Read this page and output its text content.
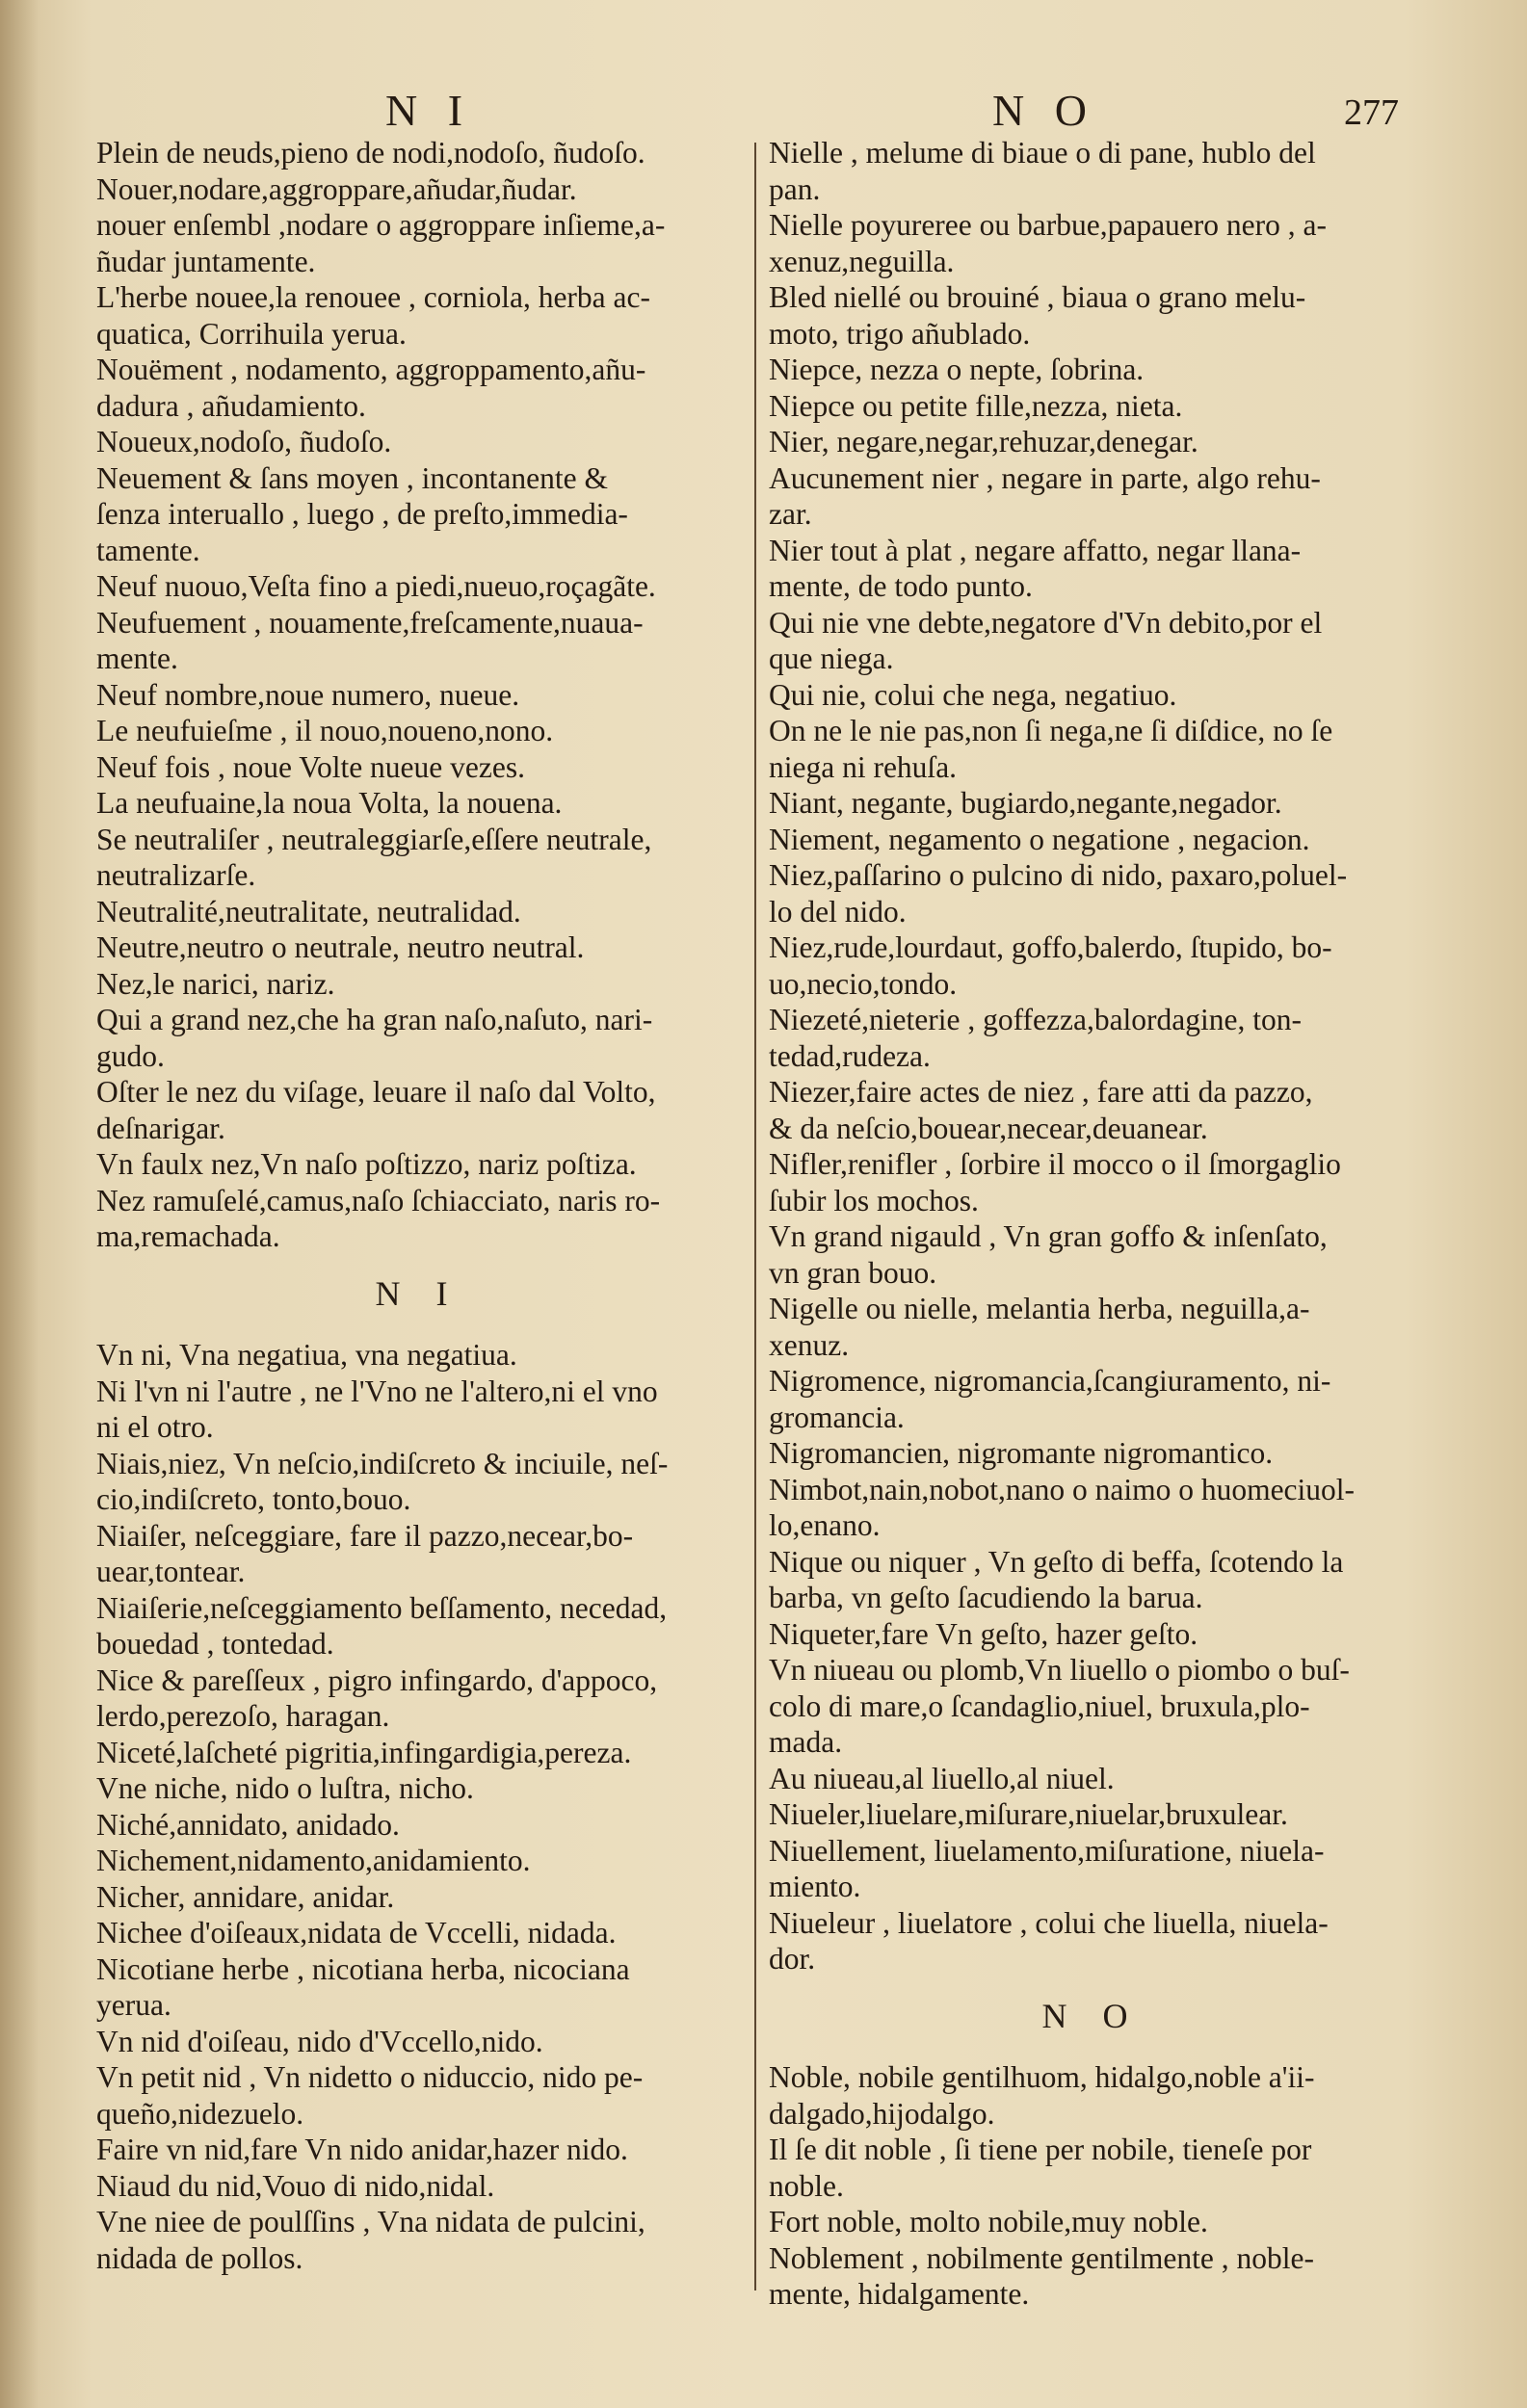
N I	N O	277
Plein de neuds,pieno de nodi,nodoſo, ñudoſo.
Nouer,nodare,aggroppare,añudar,ñudar.
nouer enſembl ,nodare o aggroppare inſieme,a-
ñudar juntamente.
L'herbe nouee,la renouee , corniola, herba ac-
quatica, Corrihuila yerua.
Nouëment , nodamento, aggroppamento,añu-
dadura , añudamiento.
Noueux,nodoſo, ñudoſo.
Neuement & ſans moyen , incontanente &
ſenza interuallo , luego , de preſto,immedia-
tamente.
Neuf nuouo,Veſta fino a piedi,nueuo,roçagãte.
Neufuement , nouamente,freſcamente,nuaua-
mente.
Neuf nombre,noue numero, nueue.
Le neufuieſme , il nouo,noueno,nono.
Neuf fois , noue Volte nueue vezes.
La neufuaine,la noua Volta, la nouena.
Se neutraliſer , neutraleggiarſe,eſſere neutrale,
neutralizarſe.
Neutralité,neutralitate, neutralidad.
Neutre,neutro o neutrale, neutro neutral.
Nez,le narici, nariz.
Qui a grand nez,che ha gran naſo,naſuto, nari-
gudo.
Oſter le nez du viſage, leuare il naſo dal Volto,
deſnarigar.
Vn faulx nez,Vn naſo poſtizzo, nariz poſtiza.
Nez ramuſelé,camus,naſo ſchiacciato, naris ro-
ma,remachada.
N I
Vn ni, Vna negatiua, vna negatiua.
Ni l'vn ni l'autre , ne l'Vno ne l'altero,ni el vno
ni el otro.
Niais,niez, Vn neſcio,indiſcreto & inciuile, neſ-
cio,indiſcreto, tonto,bouo.
Niaiſer, neſceggiare, fare il pazzo,necear,bo-
uear,tontear.
Niaiſerie,neſceggiamento beſſamento, necedad,
bouedad , tontedad.
Nice & pareſſeux , pigro infingardo, d'appoco,
lerdo,perezoſo, haragan.
Niceté,laſcheté pigritia,infingardigia,pereza.
Vne niche, nido o luſtra, nicho.
Niché,annidato, anidado.
Nichement,nidamento,anidamiento.
Nicher, annidare, anidar.
Nichee d'oiſeaux,nidata de Vccelli, nidada.
Nicotiane herbe , nicotiana herba, nicociana
yerua.
Vn nid d'oiſeau, nido d'Vccello,nido.
Vn petit nid , Vn nidetto o niduccio, nido pe-
queño,nidezuelo.
Faire vn nid,fare Vn nido anidar,hazer nido.
Niaud du nid,Vouo di nido,nidal.
Vne niee de poulſſins , Vna nidata de pulcini,
nidada de pollos.
Nielle , melume di biaue o di pane, hublo del
pan.
Nielle poyureree ou barbue,papauero nero , a-
xenuz,neguilla.
Bled niellé ou brouiné , biaua o grano melu-
moto, trigo añublado.
Niepce, nezza o nepte, ſobrina.
Niepce ou petite fille,nezza, nieta.
Nier, negare,negar,rehuzar,denegar.
Aucunement nier , negare in parte, algo rehu-
zar.
Nier tout à plat , negare affatto, negar llana-
mente, de todo punto.
Qui nie vne debte,negatore d'Vn debito,por el
que niega.
Qui nie, colui che nega, negatiuo.
On ne le nie pas,non ſi nega,ne ſi diſdice, no ſe
niega ni rehuſa.
Niant, negante, bugiardo,negante,negador.
Niement, negamento o negatione , negacion.
Niez,paſſarino o pulcino di nido, paxaro,poluel-
lo del nido.
Niez,rude,lourdaut, goffo,balerdo, ſtupido, bo-
uo,necio,tondo.
Niezeté,nieterie , goffezza,balordagine, ton-
tedad,rudeza.
Niezer,faire actes de niez , fare atti da pazzo,
& da neſcio,bouear,necear,deuanear.
Nifler,renifler , ſorbire il mocco o il ſmorgaglio
ſubir los mochos.
Vn grand nigauld , Vn gran goffo & inſenſato,
vn gran bouo.
Nigelle ou nielle, melantia herba, neguilla,a-
xenuz.
Nigromence, nigromancia,ſcangiuramento, ni-
gromancia.
Nigromancien, nigromante nigromantico.
Nimbot,nain,nobot,nano o naimo o huomeciuol-
lo,enano.
Nique ou niquer , Vn geſto di beffa, ſcotendo la
barba, vn geſto ſacudiendo la barua.
Niqueter,fare Vn geſto, hazer geſto.
Vn niueau ou plomb,Vn liuello o piombo o buſ-
colo di mare,o ſcandaglio,niuel, bruxula,plo-
mada.
Au niueau,al liuello,al niuel.
Niueler,liuelare,miſurare,niuelar,bruxulear.
Niuellement, liuelamento,miſuratione, niuela-
miento.
Niueleur , liuelatore , colui che liuella, niuela-
dor.
N O
Noble, nobile gentilhuom, hidalgo,noble a'ii-
dalgado,hijodalgo.
Il ſe dit noble , ſi tiene per nobile, tieneſe por
noble.
Fort noble, molto nobile,muy noble.
Noblement , nobilmente gentilmente , noble-
mente, hidalgamente.
